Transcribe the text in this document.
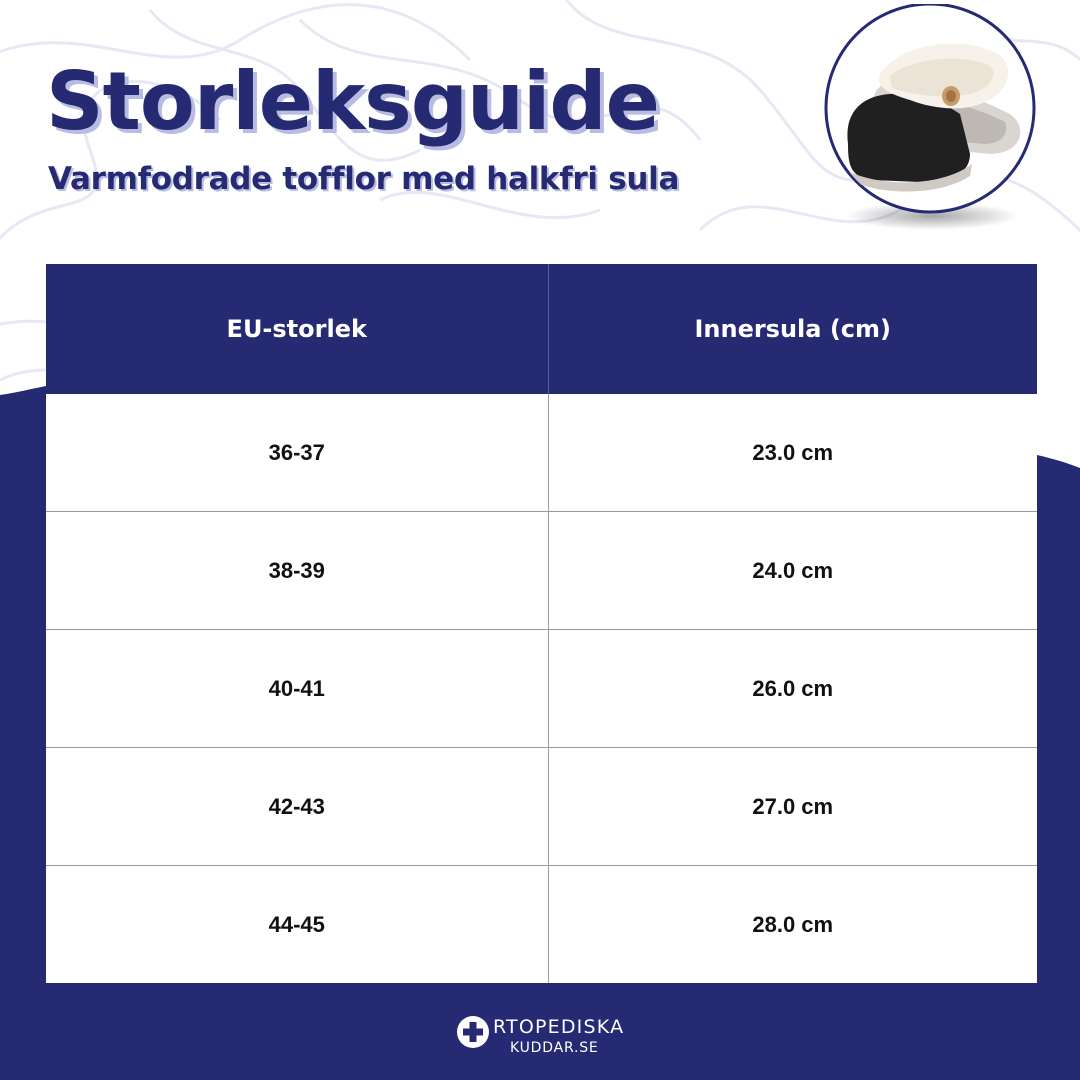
Storleksguide
Varmfodrade tofflor med halkfri sula
EU-storlek	Innersula (cm)
36-37	23.0 cm
38-39	24.0 cm
40-41	26.0 cm
42-43	27.0 cm
44-45	28.0 cm
RTOPEDISKA
KUDDAR.SE
